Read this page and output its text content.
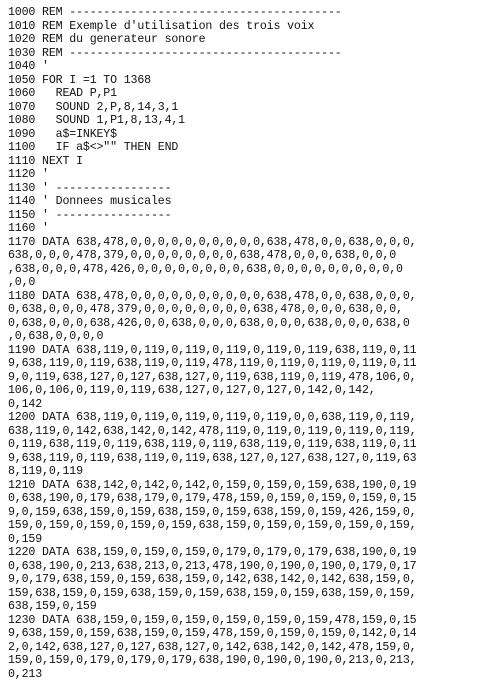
1000 REM ----------------------------------------
1010 REM Exemple d'utilisation des trois voix
1020 REM du generateur sonore
1030 REM ----------------------------------------
1040 '
1050 FOR I =1 TO 1368
1060   READ P,P1
1070   SOUND 2,P,8,14,3,1
1080   SOUND 1,P1,8,13,4,1
1090   a$=INKEY$
1100   IF a$<>"" THEN END
1110 NEXT I
1120 '
1130 ' -----------------
1140 ' Donnees musicales
1150 ' -----------------
1160 '
1170 DATA 638,478,0,0,0,0,0,0,0,0,0,0,638,478,0,0,638,0,0,0,
638,0,0,0,478,379,0,0,0,0,0,0,0,0,638,478,0,0,0,638,0,0,0
,638,0,0,0,478,426,0,0,0,0,0,0,0,0,638,0,0,0,0,0,0,0,0,0,0
,0,0
1180 DATA 638,478,0,0,0,0,0,0,0,0,0,0,638,478,0,0,638,0,0,0,
0,638,0,0,0,478,379,0,0,0,0,0,0,0,0,638,478,0,0,0,638,0,0,
0,638,0,0,0,638,426,0,0,638,0,0,0,638,0,0,0,638,0,0,0,638,0
,0,638,0,0,0,0
1190 DATA 638,119,0,119,0,119,0,119,0,119,0,119,638,119,0,11
9,638,119,0,119,638,119,0,119,478,119,0,119,0,119,0,119,0,11
9,0,119,638,127,0,127,638,127,0,119,638,119,0,119,478,106,0,
106,0,106,0,119,0,119,638,127,0,127,0,127,0,142,0,142,
0,142
1200 DATA 638,119,0,119,0,119,0,119,0,119,0,0,638,119,0,119,
638,119,0,142,638,142,0,142,478,119,0,119,0,119,0,119,0,119,
0,119,638,119,0,119,638,119,0,119,638,119,0,119,638,119,0,11
9,638,119,0,119,638,119,0,119,638,127,0,127,638,127,0,119,63
8,119,0,119
1210 DATA 638,142,0,142,0,142,0,159,0,159,0,159,638,190,0,19
0,638,190,0,179,638,179,0,179,478,159,0,159,0,159,0,159,0,15
9,0,159,638,159,0,159,638,159,0,159,638,159,0,159,426,159,0,
159,0,159,0,159,0,159,0,159,638,159,0,159,0,159,0,159,0,159,
0,159
1220 DATA 638,159,0,159,0,159,0,179,0,179,0,179,638,190,0,19
0,638,190,0,213,638,213,0,213,478,190,0,190,0,190,0,179,0,17
9,0,179,638,159,0,159,638,159,0,142,638,142,0,142,638,159,0,
159,638,159,0,159,638,159,0,159,638,159,0,159,638,159,0,159,
638,159,0,159
1230 DATA 638,159,0,159,0,159,0,159,0,159,0,159,478,159,0,15
9,638,159,0,159,638,159,0,159,478,159,0,159,0,159,0,142,0,14
2,0,142,638,127,0,127,638,127,0,142,638,142,0,142,478,159,0,
159,0,159,0,179,0,179,0,179,638,190,0,190,0,190,0,213,0,213,
0,213
